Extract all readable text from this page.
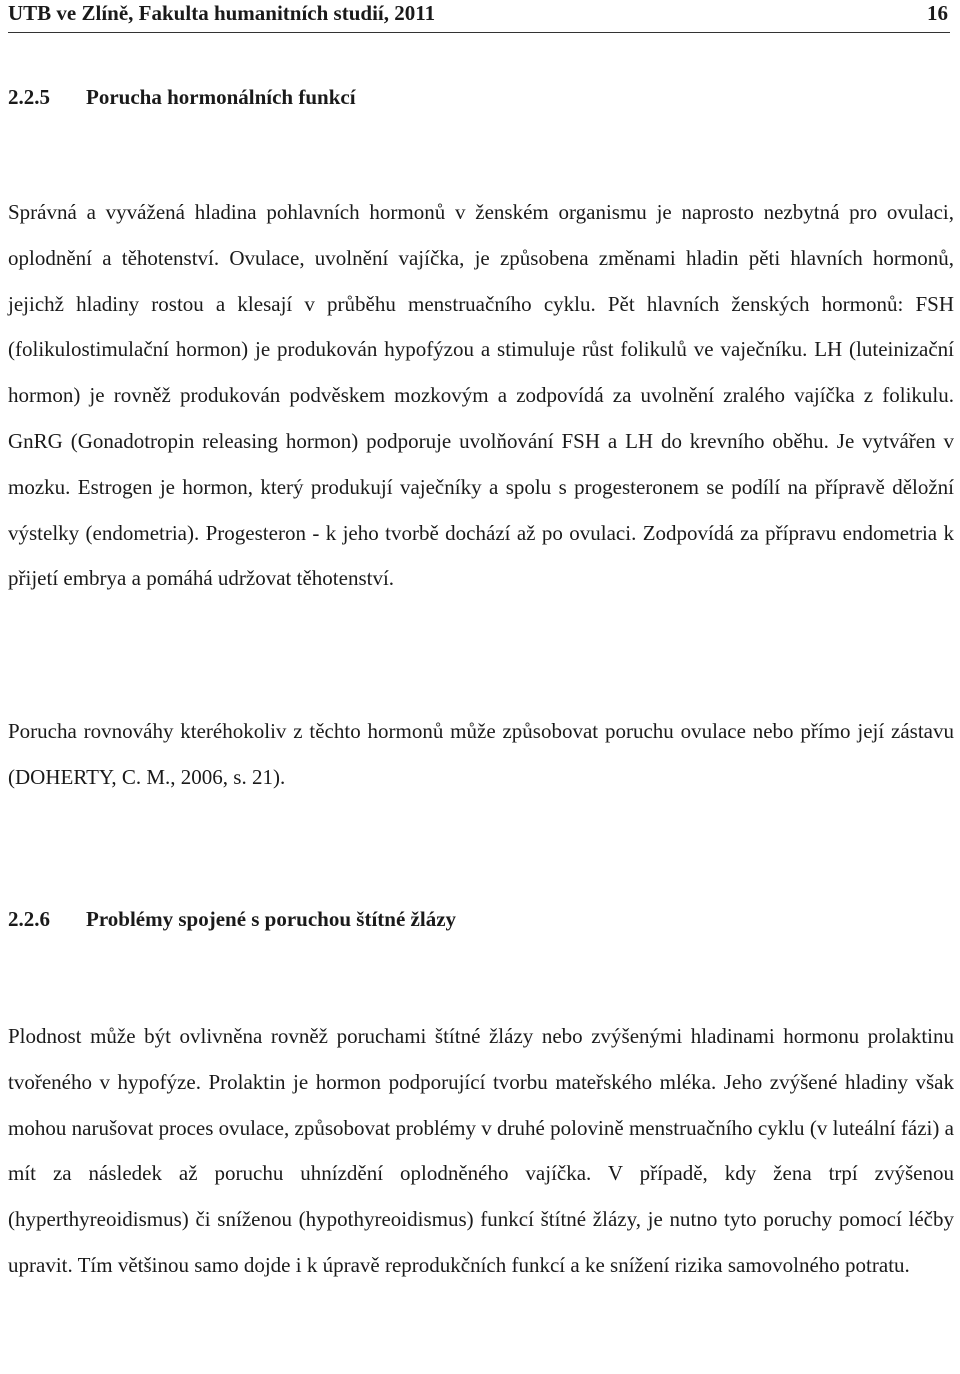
UTB ve Zlíně, Fakulta humanitních studií, 2011	16
2.2.5 Porucha hormonálních funkcí

Správná a vyvážená hladina pohlavních hormonů v ženském organismu je naprosto nezbytná pro ovulaci, oplodnění a těhotenství. Ovulace, uvolnění vajíčka, je způsobena změnami hladin pěti hlavních hormonů, jejichž hladiny rostou a klesají v průběhu menstruačního cyklu. Pět hlavních ženských hormonů: FSH (folikulostimulační hormon) je produkován hypofýzou a stimuluje růst folikulů ve vaječníku. LH (luteinizační hormon) je rovněž produkován podvěskem mozkovým a zodpovídá za uvolnění zralého vajíčka z folikulu. GnRG (Gonadotropin releasing hormon) podporuje uvolňování FSH a LH do krevního oběhu. Je vytvářen v mozku. Estrogen je hormon, který produkují vaječníky a spolu s progesteronem se podílí na přípravě děložní výstelky (endometria). Progesteron - k jeho tvorbě dochází až po ovulaci. Zodpovídá za přípravu endometria k přijetí embrya a pomáhá udržovat těhotenství.

Porucha rovnováhy kteréhokoliv z těchto hormonů může způsobovat poruchu ovulace nebo přímo její zástavu (DOHERTY, C. M., 2006, s. 21).

2.2.6 Problémy spojené s poruchou štítné žlázy

Plodnost může být ovlivněna rovněž poruchami štítné žlázy nebo zvýšenými hladinami hormonu prolaktinu tvořeného v hypofýze. Prolaktin je hormon podporující tvorbu mateřského mléka. Jeho zvýšené hladiny však mohou narušovat proces ovulace, způsobovat problémy v druhé polovině menstruačního cyklu (v luteální fázi) a mít za následek až poruchu uhnízdění oplodněného vajíčka. V případě, kdy žena trpí zvýšenou (hyperthyreoidismus) či sníženou (hypothyreoidismus) funkcí štítné žlázy, je nutno tyto poruchy pomocí léčby upravit. Tím většinou samo dojde i k úpravě reprodukčních funkcí a ke snížení rizika samovolného potratu.
